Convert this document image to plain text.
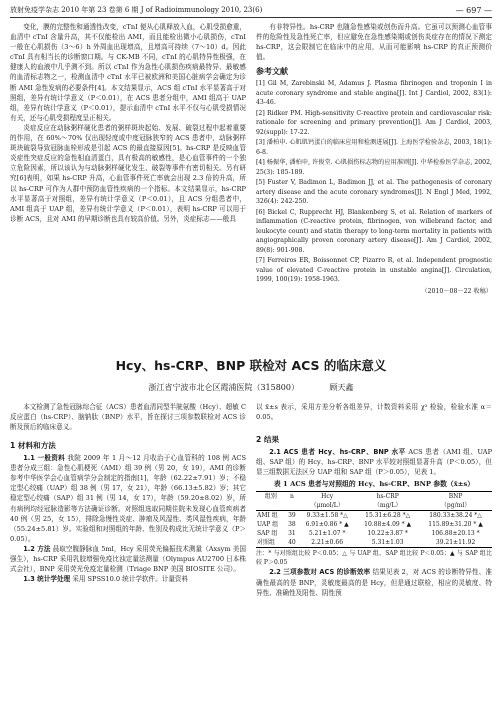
放射免疫学杂志 2010 年第 23 卷第 6 期 J of Radioimmunology 2010, 23(6)	— 697 —

变化，膜的完整性和通透性改变，cTnI 便从心肌释放入血，心肌受损愈重，血清中 cTnI 含量升高，其不仅能检出 AMI，而且能检出微小心肌损伤，cTnI 一般在心肌损伤（3～6）h 外周血出现增高，且增高可持续（7～10）d。因此 cTnI 具有相当长的诊断窗口期。与 CK-MB 不同，cTnI 的心肌特异性极强，在健康人的血液中几乎测不到。所以 cTnI 作为急性心肌损伤疾病最特异、最敏感的血清标志物之一，检测血清中 cTnI 水平已被欧洲和美国心脏病学会确定为诊断 AMI 急性发病的必要条件[4]。本文结果显示，ACS 组 cTnI 水平显著高于对照组，差异有统计学意义（P＜0.01），在 ACS 患者分组中，AMI 组高于 UAP 组，差异有统计学意义（P＜0.01），提示血清中 cTnI 水平不仅与心肌受损情况有关，还与心肌受损程度呈正相关。

炎症反应在动脉粥样硬化患者的粥样斑块起始、发展、破裂过程中起着重要的作用，在 60%～70% 仅出现轻度或中度冠脉狭窄的 ACS 患者中，动脉粥样斑块破裂导致冠脉血栓形成是引起 ACS 的最直接原因[5]。hs-CRP 是反映血管炎症性突症反应的急性相血清蛋白，具有极高的敏感性，是心血管事件的一个独立危险因素，所以该认为与动脉粥样硬化发生、破裂等事件有密切相关。另有研究[6]表明，如果 hs-CRP 升高，心血管事件死亡率就会出现 2.3 倍的升高，所以 hs-CRP 可作为人群中预防血管性疾病的一个指标。本文结果显示，hs-CRP 水平显著高于对照组，差异有统计学意义（P＜0.01），且 ACS 分组患者中，AMI 组高于 UAP 组，差异有统计学意义（P＜0.01），表明 hs-CRP 可以用于诊断 ACS，且对 AMI 的早期诊断也具有较高价值。另外，炎症标志——般具

有非特异性。hs-CRP 也随急性感染或创伤而升高。它虽可以预测心血管事件的危险性及急性死亡率，但应避免在急性感染期或创伤炎症存在的情况下测定 hs-CRP，这会限制它在临床中的应用，从而可能影响 hs-CRP 的真正预测价值。

参考文献
[1] Gil M, Zarebinski M, Adamus J. Plasma fibrinogen and troponin I in acute coronary syndrome and stable angina[J]. Int J Cardiol, 2002, 83(1): 43-46.
[2] Ridker PM. High-sensitivity C-reactive protein and cardiovascular risk: rationale for screening and primary prevention[J]. Am J Cardiol, 2003, 92(suppl): 17-22.
[3] 潘柏申. 心肌肌钙蛋白的临床应用和检测进展[J]. 上海医学检验杂志, 2003, 18(1): 6-8.
[4] 杨振华, 潘柏申, 许俊堂. 心肌损伤标志物的应用准则[J]. 中华检验医学杂志, 2002, 25(3): 185-189.
[5] Fuster V, Badimon L, Badimon JJ, et al. The pathogenesis of coronary artery disease and the acute coronary syndromes[J]. N Engl J Med, 1992, 326(4): 242-250.
[6] Bickel C, Rupprecht HJ, Blankenberg S, et al. Relation of markers of inflammation (C-reactive protein, fibrinogen, von willebrand factor, and leukocyte count) and statin therapy to long-term mortality in patients with angiographically proven coronary artery disease[J]. Am J Cardiol, 2002, 89(8): 901-908.
[7] Ferreiros ER, Boissonnet CP, Pizarro R, et al. Independent prognostic value of elevated C-reactive protein in unstable angina[J]. Circulation, 1999, 100(19): 1958-1963.
（2010－08－22 收稿）
Hcy、hs-CRP、BNP 联检对 ACS 的临床意义
浙江省宁波市北仑区霞浦医院（315800）	顾天鑫

本文检测了急性冠脉综合征（ACS）患者血清同型半胱氨酸（Hcy）、超敏 C 反应蛋白（hs-CRP）、脑钠肽（BNP）水平，旨在探讨三项参数联检对 ACS 诊断及预后的临床意义。

1 材料和方法

1.1 一般资料 我院 2009 年 1 月～12 月收治于心血管科的 108 例 ACS 患者分成三组：急性心肌梗死（AMI）组 39 例（男 20，女 19），AMI 的诊断参考中华医学会心血管病学分会制定的指南[1]，年龄（62.22±7.91）岁；不稳定型心绞痛（UAP）组 38 例（男 17，女 21），年龄（66.13±5.82）岁；其它稳定型心绞痛（SAP）组 31 例（男 14，女 17），年龄（59.20±8.02）岁，所有病例均经冠脉造影等方法确证诊断。对照组选取同期住院未发现心血管疾病者 40 例（男 25，女 15），排除急慢性炎症、肿瘤及风湿性、类风湿性疾病，年龄（55.24±5.81）岁。实验组和对照组的年龄、性别及构成比无统计学意义（P＞0.05）。

1.2 方法 晨取空腹静脉血 5ml，Hcy 采用荧光偏振技术测量（Axsym 美国强生），hs-CRP 采用乳胶增强免疫比浊定量法测量（Olympus AU2700 日本株式会社），BNP 采用荧光免疫定量检测（Triage BNP 美国 BIOSITE 公司）。

1.3 统计学处理 采用 SPSS10.0 统计学软件。计量资料

以 x̄±s 表示，采用方差分析各组差异，计数资料采用 χ² 检验，检验水准 α＝0.05。

2 结果

2.1 ACS 患者 Hcy、hs-CRP、BNP 水平 ACS 患者（AMI 组、UAP 组、SAP 组）的 Hcy、hs-CRP、BNP 水平较对照组显著升高（P＜0.05），但显三组数据无法区分 UAP 组和 SAP 组（P＞0.05），见表 1。

表 1 ACS 患者与对照组的 Hcy、hs-CRP、BNP 参数（x̄±s）
组别	n	Hcy	hs-CRP	BNP
		（μmol/L）	（mg/L）	（pg/ml）
AMI 组	39	9.33±1.58 *△	15.31±6.28 *△	180.33±38.24 *△
UAP 组	38	6.91±0.86 * ▲	10.88±4.09 * ▲	115.89±31.20 * ▲
SAP 组	31	5.21±1.07 *	10.22±3.87 *	106.88±20.13 *
对照组	40	2.21±0.66	5.31±1.03	39.21±11.92
注：* 与对照组比较 P＜0.05；△ 与 UAP 组、SAP 组比较 P＜0.05；▲ 与 SAP 组比较 P＞0.05

2.2 三项参数对 ACS 的诊断效率 结果见表 2，对 ACS 的诊断特异性、准确性最高的是 BNP，灵敏度最高的是 Hcy，但是通过联检，相应的灵敏度、特异性、准确性及阳性、阴性预
